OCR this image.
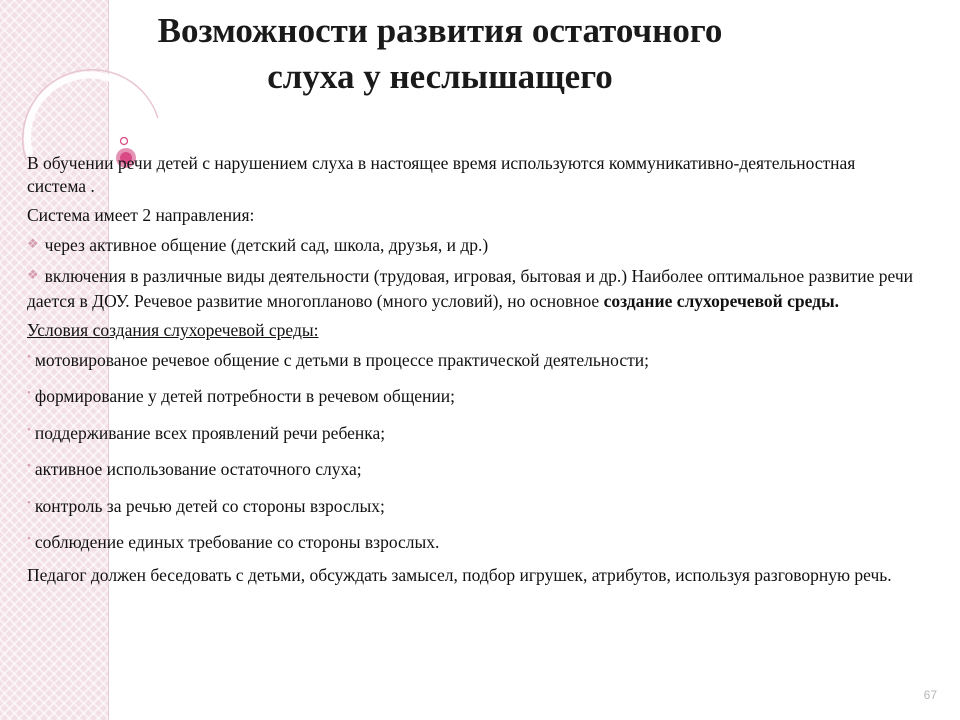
Возможности развития остаточного
слуха у неслышащего
В обучении речи детей с нарушением слуха в настоящее время используются коммуникативно-деятельностная система .
Система имеет 2 направления:
❖ через активное общение (детский сад, школа, друзья, и др.)
❖ включения в различные виды деятельности (трудовая, игровая, бытовая и др.) Наиболее оптимальное развитие речи дается в ДОУ. Речевое развитие многопланово (много условий), но основное создание слухоречевой среды.
Условия создания слухоречевой среды:
• мотовированое речевое общение с детьми в процессе практической деятельности;
• формирование у детей потребности в речевом общении;
• поддерживание всех проявлений речи ребенка;
• активное использование остаточного слуха;
• контроль за речью детей со стороны взрослых;
• соблюдение единых требование со стороны взрослых.
Педагог должен беседовать с детьми, обсуждать замысел, подбор игрушек, атрибутов, используя разговорную речь.
67
